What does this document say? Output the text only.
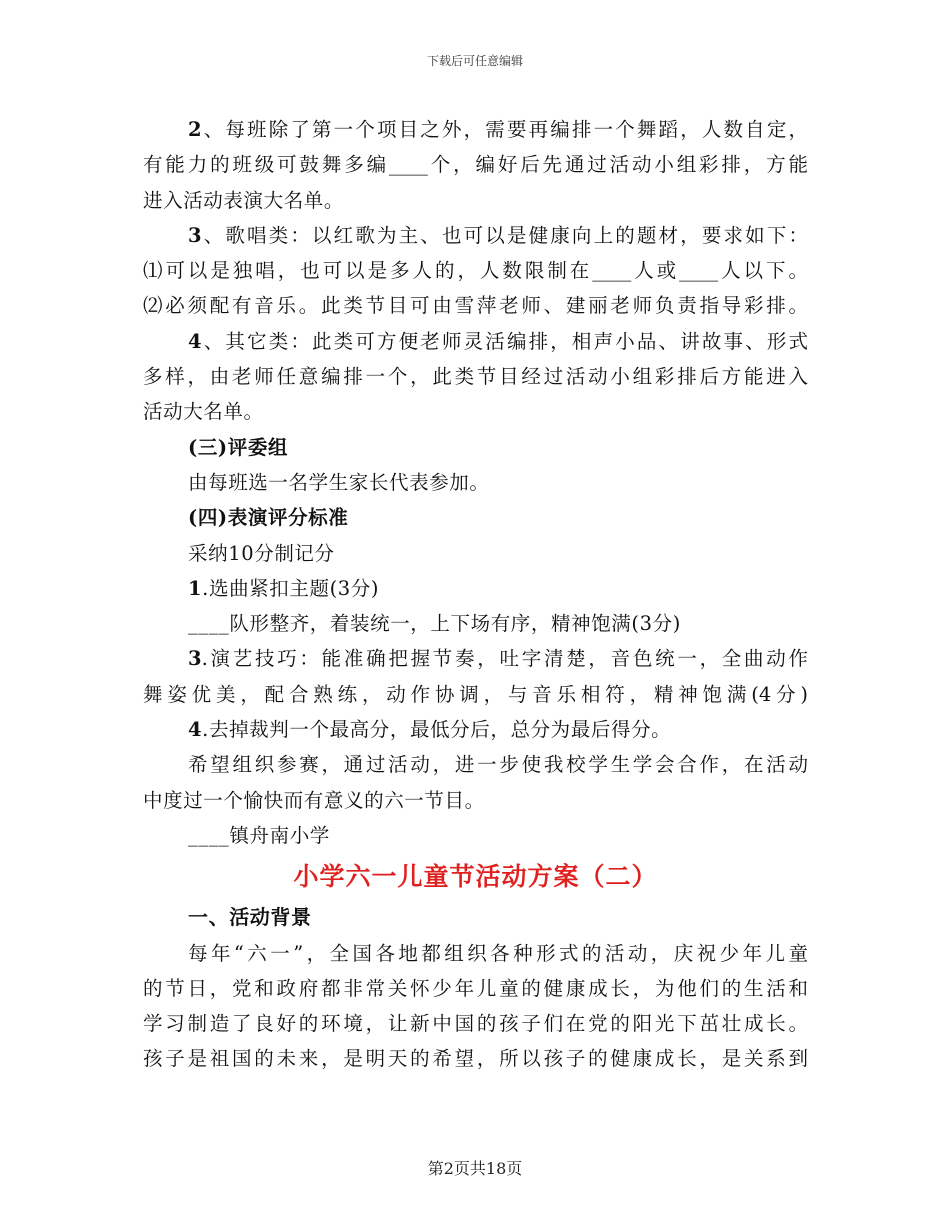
下载后可任意编辑
2、每班除了第一个项目之外，需要再编排一个舞蹈，人数自定，
有能力的班级可鼓舞多编____个，编好后先通过活动小组彩排，方能
进入活动表演大名单。
3、歌唱类：以红歌为主、也可以是健康向上的题材，要求如下：
⑴可以是独唱，也可以是多人的，人数限制在____人或____人以下。
⑵必须配有音乐。此类节目可由雪萍老师、建丽老师负责指导彩排。
4、其它类：此类可方便老师灵活编排，相声小品、讲故事、形式
多样，由老师任意编排一个，此类节目经过活动小组彩排后方能进入
活动大名单。
(三)评委组
由每班选一名学生家长代表参加。
(四)表演评分标准
采纳10分制记分
1.选曲紧扣主题(3分)
____队形整齐，着装统一，上下场有序，精神饱满(3分)
3.演艺技巧：能准确把握节奏，吐字清楚，音色统一，全曲动作
舞姿优美，配合熟练，动作协调，与音乐相符，精神饱满(4分)
4.去掉裁判一个最高分，最低分后，总分为最后得分。
希望组织参赛，通过活动，进一步使我校学生学会合作，在活动
中度过一个愉快而有意义的六一节目。
____镇舟南小学
小学六一儿童节活动方案（二）
一、活动背景
每年“六一”，全国各地都组织各种形式的活动，庆祝少年儿童
的节日，党和政府都非常关怀少年儿童的健康成长，为他们的生活和
学习制造了良好的环境，让新中国的孩子们在党的阳光下茁壮成长。
孩子是祖国的未来，是明天的希望，所以孩子的健康成长，是关系到
第2页共18页
